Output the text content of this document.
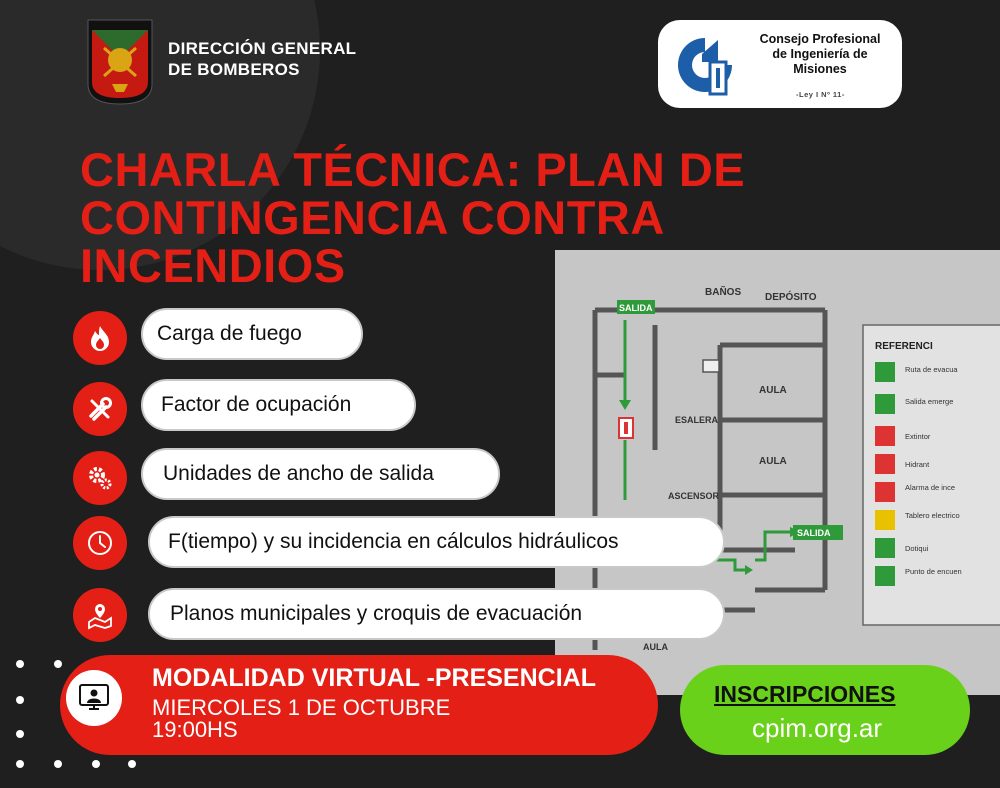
BAÑOS DEPÓSITO
AULA
AULA
ESALERA
ASCENSOR
AULA
SALIDA
SALIDA
REFERENCI
Ruta de evacua
Salida emerge
Extintor
Hidrant
Alarma de ince
Tablero electrico
Dotiqui
Punto de encuen
DIRECCIÓN GENERAL
DE BOMBEROS
Consejo Profesional
de Ingeniería de
Misiones
-Ley I Nº 11-
CHARLA TÉCNICA: PLAN DE
CONTINGENCIA CONTRA
INCENDIOS
Carga de fuego
Factor de ocupación
Unidades de ancho de salida
F(tiempo) y su incidencia en cálculos hidráulicos
Planos municipales y croquis de evacuación
MODALIDAD VIRTUAL -PRESENCIAL
MIERCOLES 1 DE OCTUBRE
19:00HS
INSCRIPCIONES
cpim.org.ar
